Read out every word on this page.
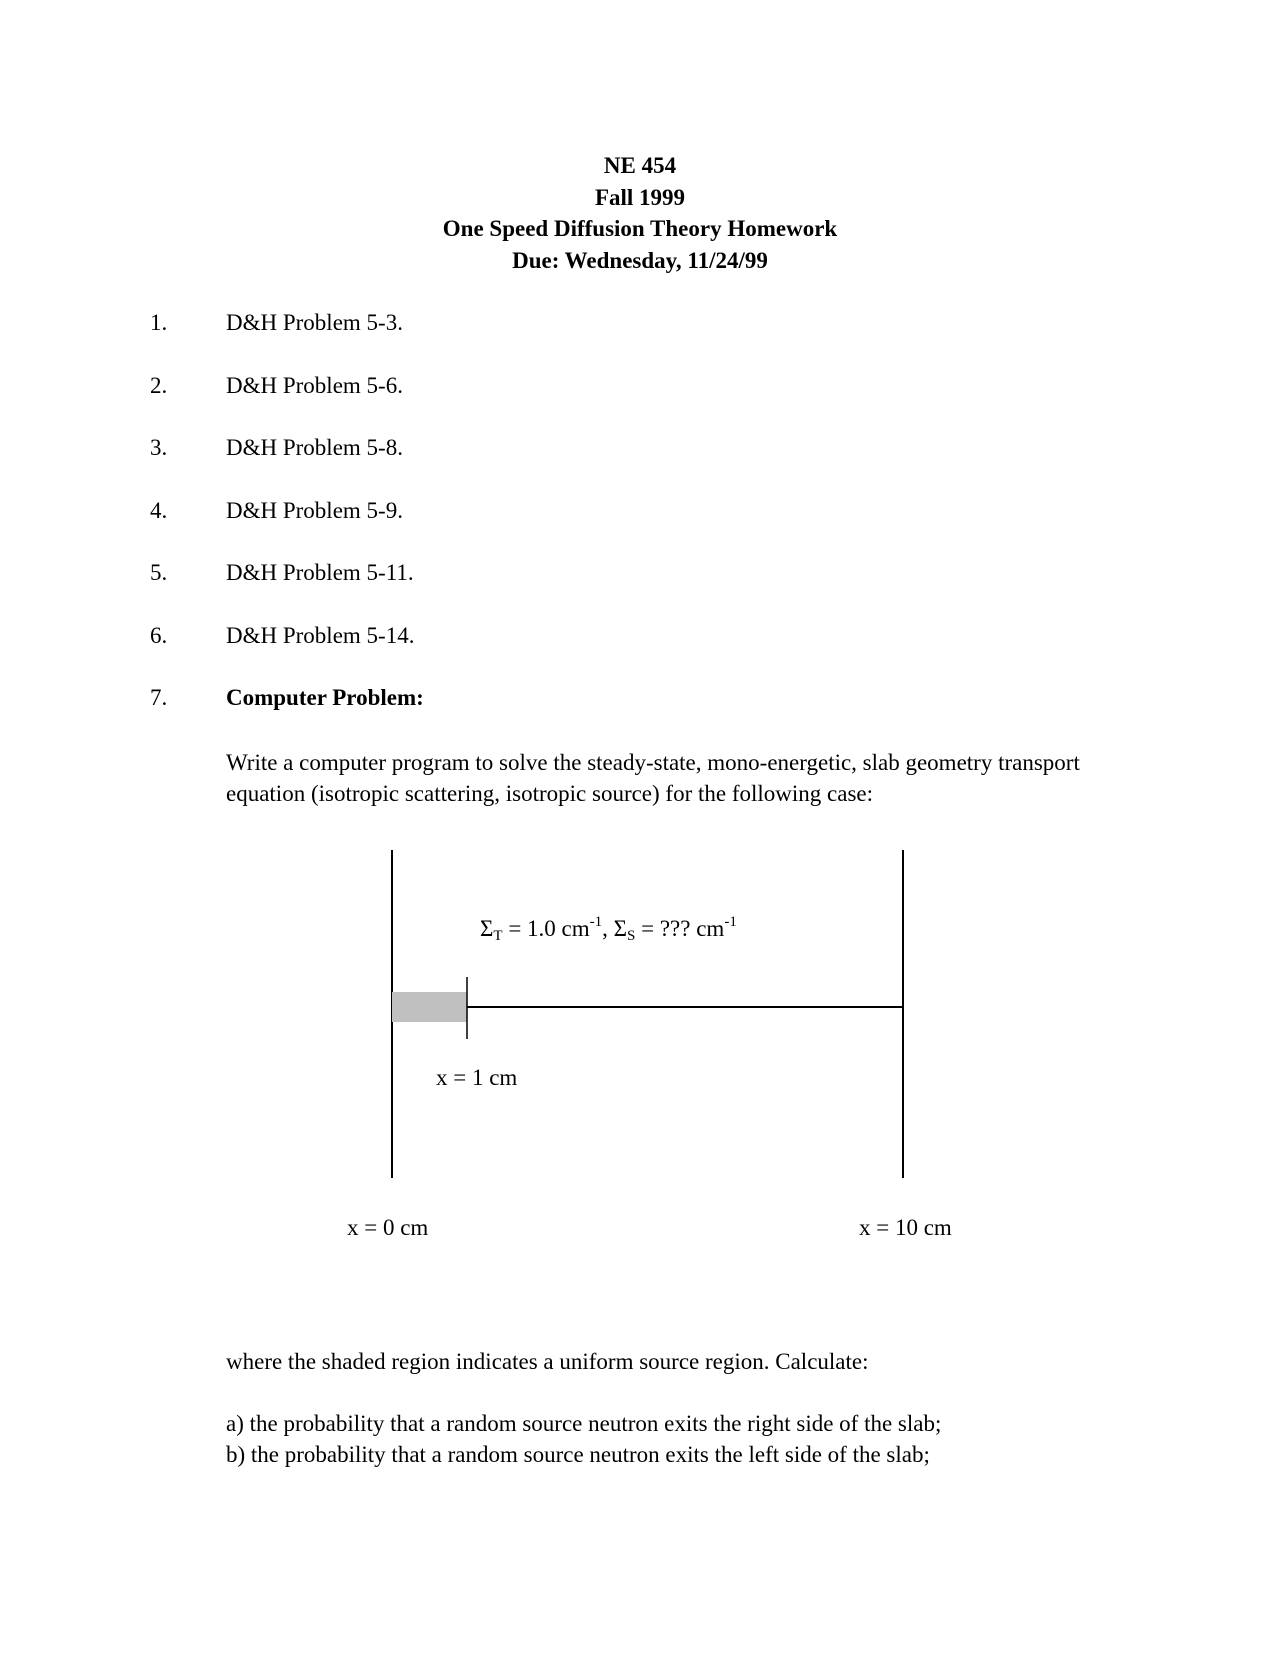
NE 454
Fall 1999
One Speed Diffusion Theory Homework
Due: Wednesday, 11/24/99
1.	D&H Problem 5-3.
2.	D&H Problem 5-6.
3.	D&H Problem 5-8.
4.	D&H Problem 5-9.
5.	D&H Problem 5-11.
6.	D&H Problem 5-14.
7.	Computer Problem:
Write a computer program to solve the steady-state, mono-energetic, slab geometry transport equation (isotropic scattering, isotropic source) for the following case:
$\Sigma_T = 1.0$ $cm^{-1}$, $\Sigma_S$ = ??? $cm^{-1}$
x = 1 cm
x = 0 cm	x = 10 cm
where the shaded region indicates a uniform source region. Calculate:
a) the probability that a random source neutron exits the right side of the slab;
b) the probability that a random source neutron exits the left side of the slab;
